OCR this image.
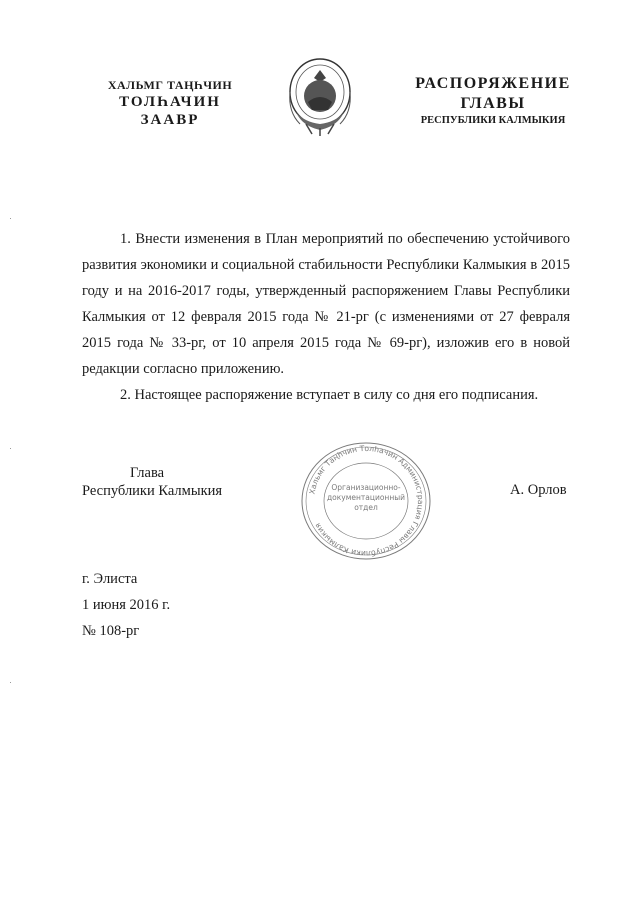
ХАЛЬМГ ТАҢҺЧИН
ТОЛҺАЧИН
ЗААВР
РАСПОРЯЖЕНИЕ
ГЛАВЫ
РЕСПУБЛИКИ КАЛМЫКИЯ

1. Внести изменения в План мероприятий по обеспечению устойчивого развития экономики и социальной стабильности Республики Калмыкия в 2015 году и на 2016-2017 годы, утвержденный распоряжением Главы Республики Калмыкия от 12 февраля 2015 года № 21-рг (с изменениями от 27 февраля 2015 года № 33-рг, от 10 апреля 2015 года № 69-рг), изложив его в новой редакции согласно приложению.

2. Настоящее распоряжение вступает в силу со дня его подписания.

Глава
Республики Калмыкия	Хальмг Таңһчин Толһачин Администрация Главы Республики Калмыкия
Организационно-
документационный
отдел
А. Орлов
г. Элиста
1 июня 2016 г.
№ 108-рг
